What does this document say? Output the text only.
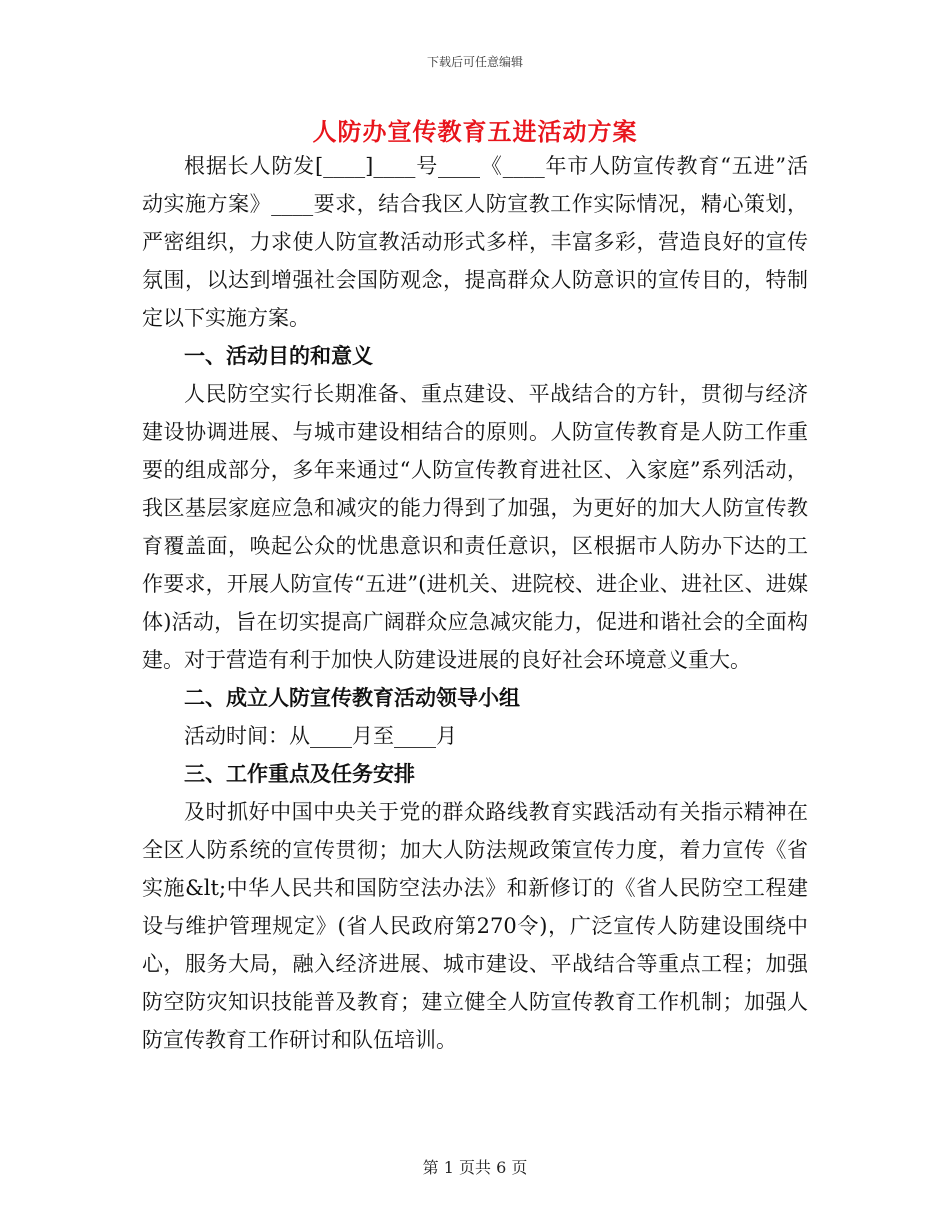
下载后可任意编辑
人防办宣传教育五进活动方案

根据长人防发[____]____号____《____年市人防宣传教育“五进”活动实施方案》____要求，结合我区人防宣教工作实际情况，精心策划，严密组织，力求使人防宣教活动形式多样，丰富多彩，营造良好的宣传氛围，以达到增强社会国防观念，提高群众人防意识的宣传目的，特制定以下实施方案。

一、活动目的和意义

人民防空实行长期准备、重点建设、平战结合的方针，贯彻与经济建设协调进展、与城市建设相结合的原则。人防宣传教育是人防工作重要的组成部分，多年来通过“人防宣传教育进社区、入家庭”系列活动，我区基层家庭应急和减灾的能力得到了加强，为更好的加大人防宣传教育覆盖面，唤起公众的忧患意识和责任意识，区根据市人防办下达的工作要求，开展人防宣传“五进”(进机关、进院校、进企业、进社区、进媒体)活动，旨在切实提高广阔群众应急减灾能力，促进和谐社会的全面构建。对于营造有利于加快人防建设进展的良好社会环境意义重大。

二、成立人防宣传教育活动领导小组

活动时间：从____月至____月

三、工作重点及任务安排

及时抓好中国中央关于党的群众路线教育实践活动有关指示精神在全区人防系统的宣传贯彻；加大人防法规政策宣传力度，着力宣传《省实施&lt;中华人民共和国防空法办法》和新修订的《省人民防空工程建设与维护管理规定》(省人民政府第270令)，广泛宣传人防建设围绕中心，服务大局，融入经济进展、城市建设、平战结合等重点工程；加强防空防灾知识技能普及教育；建立健全人防宣传教育工作机制；加强人防宣传教育工作研讨和队伍培训。

第 1 页共 6 页
